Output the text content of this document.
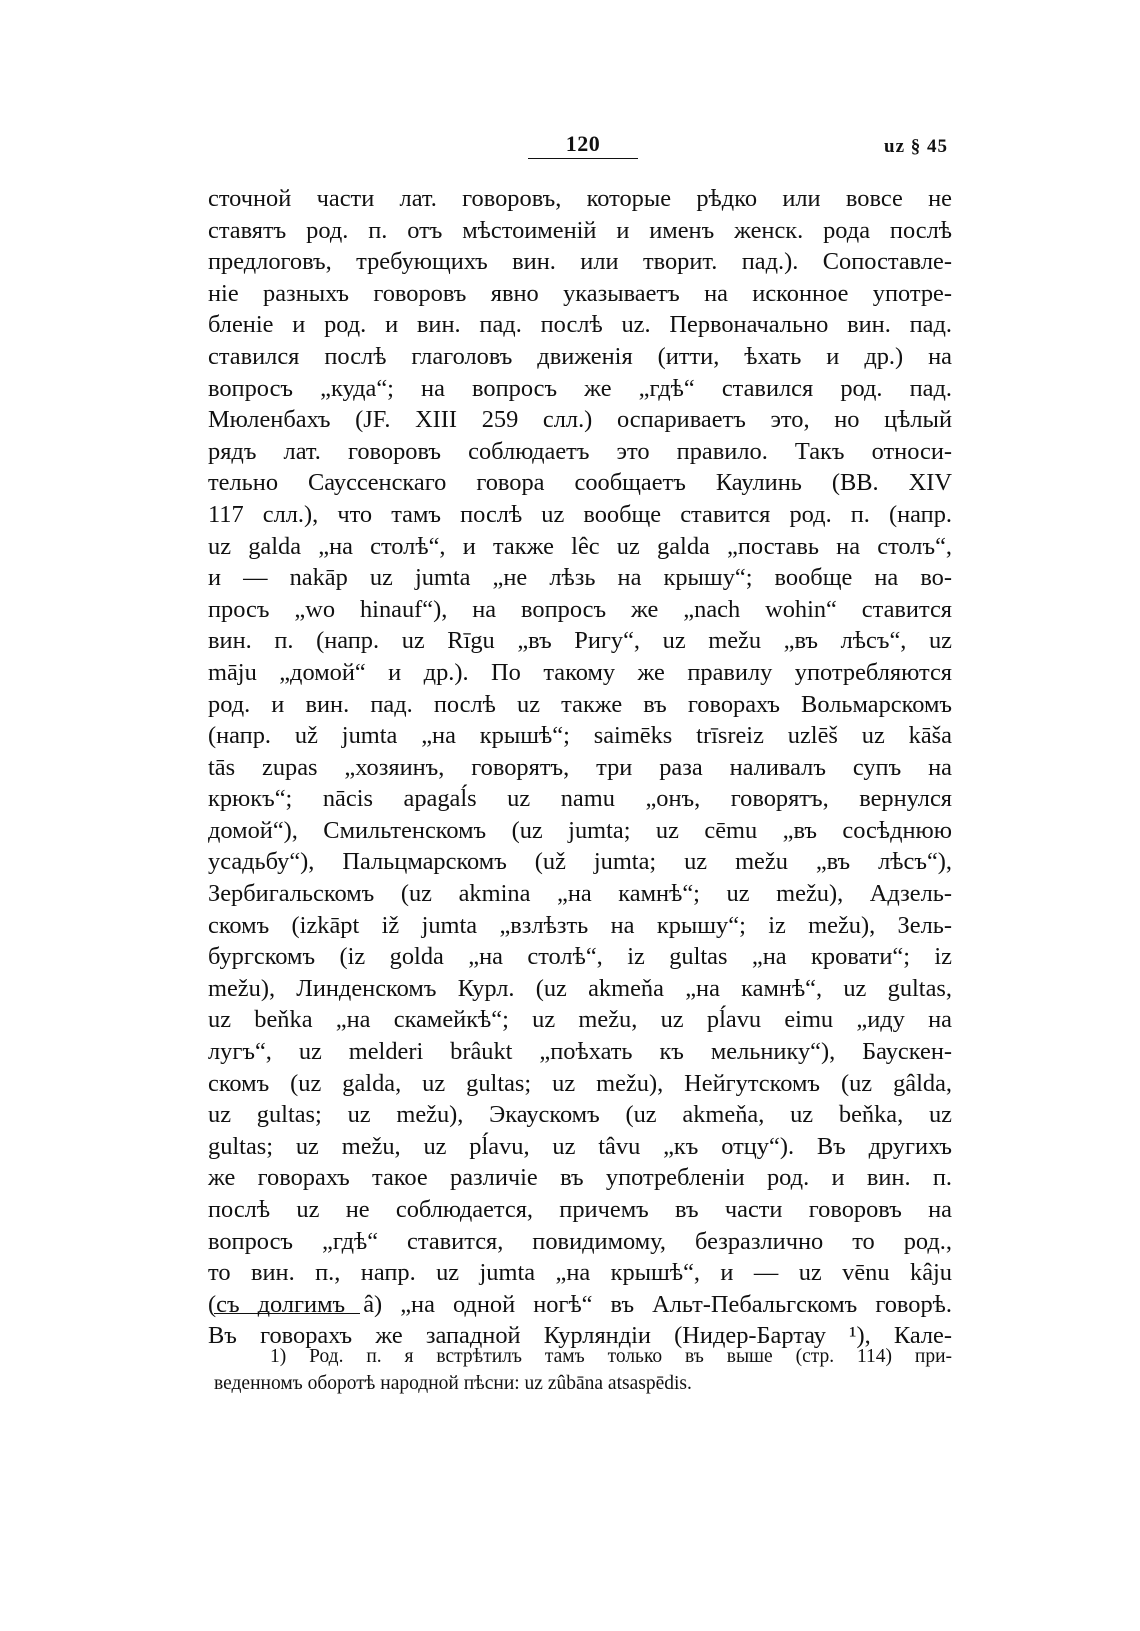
120	uz § 45
сточной части лат. говоровъ, которые рѣдко или вовсе не
ставятъ род. п. отъ мѣстоименій и именъ женск. рода послѣ
предлоговъ, требующихъ вин. или творит. пад.). Сопоставле-
ніе разныхъ говоровъ явно указываетъ на исконное употре-
бленіе и род. и вин. пад. послѣ uz. Первоначально вин. пад.
ставился послѣ глаголовъ движенія (итти, ѣхать и др.) на
вопросъ „куда“; на вопросъ же „гдѣ“ ставился род. пад.
Мюленбахъ (JF. XIII 259 слл.) оспариваетъ это, но цѣлый
рядъ лат. говоровъ соблюдаетъ это правило. Такъ относи-
тельно Саусcенскаго говора сообщаетъ Каулинь (BB. XIV
117 слл.), что тамъ послѣ uz вообще ставится род. п. (напр.
uz galda „на столѣ“, и также lêc uz galda „поставь на столъ“,
и — nakāp uz jumta „не лѣзь на крышу“; вообще на во-
просъ „wo hinauf“), на вопросъ же „nach wohin“ ставится
вин. п. (напр. uz Rīgu „въ Ригу“, uz mežu „въ лѣсъ“, uz
māju „домой“ и др.). По такому же правилу употребляются
род. и вин. пад. послѣ uz также въ говорахъ Вольмарскомъ
(напр. už jumta „на крышѣ“; saimēks trīsreiz uzlēš uz kāša
tās zupas „хозяинъ, говорятъ, три раза наливалъ супъ на
крюкъ“; nācis apagaĺs uz namu „онъ, говорятъ, вернулся
домой“), Смильтенскомъ (uz jumta; uz cēmu „въ сосѣднюю
усадьбу“), Пальцмарскомъ (už jumta; uz mežu „въ лѣсъ“),
Зербигальскомъ (uz akmina „на камнѣ“; uz mežu), Адзель-
скомъ (izkāpt iž jumta „взлѣзть на крышу“; iz mežu), Зель-
бургскомъ (iz golda „на столѣ“, iz gultas „на кровати“; iz
mežu), Линденскомъ Курл. (uz akmeňa „на камнѣ“, uz gultas,
uz beňka „на скамейкѣ“; uz mežu, uz pĺavu eimu „иду на
лугъ“, uz melderi brâukt „поѣхать къ мельнику“), Баускен-
скомъ (uz galda, uz gultas; uz mežu), Нейгутскомъ (uz gâlda,
uz gultas; uz mežu), Экаускомъ (uz akmeňa, uz beňka, uz
gultas; uz mežu, uz pĺavu, uz tâvu „къ отцу“). Въ другихъ
же говорахъ такое различіе въ употребленіи род. и вин. п.
послѣ uz не соблюдается, причемъ въ части говоровъ на
вопросъ „гдѣ“ ставится, повидимому, безразлично то род.,
то вин. п., напр. uz jumta „на крышѣ“, и — uz vēnu kâju
(съ долгимъ â) „на одной ногѣ“ въ Альт-Пебальгскомъ говорѣ.
Въ говорахъ же западной Курляндіи (Нидер-Бартау ¹), Кале-
1) Род. п. я встрѣтилъ тамъ только въ выше (стр. 114) при-
веденномъ оборотѣ народной пѣсни: uz zûbāna atsaspēdis.
